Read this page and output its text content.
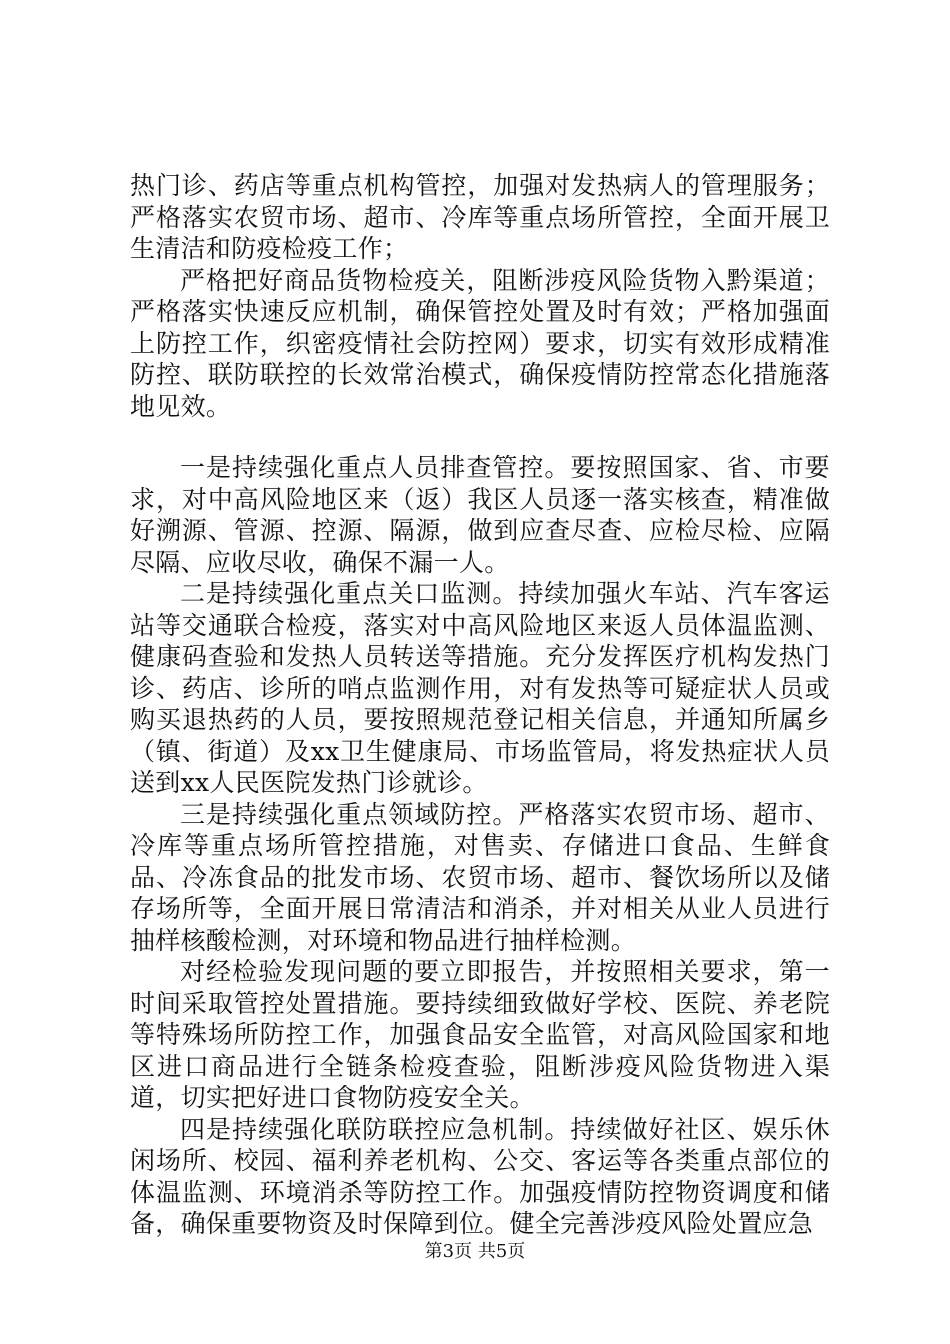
热门诊、药店等重点机构管控，加强对发热病人的管理服务；严格落实农贸市场、超市、冷库等重点场所管控，全面开展卫生清洁和防疫检疫工作；

严格把好商品货物检疫关，阻断涉疫风险货物入黔渠道；严格落实快速反应机制，确保管控处置及时有效；严格加强面上防控工作，织密疫情社会防控网）要求，切实有效形成精准防控、联防联控的长效常治模式，确保疫情防控常态化措施落地见效。

一是持续强化重点人员排查管控。要按照国家、省、市要求，对中高风险地区来（返）我区人员逐一落实核查，精准做好溯源、管源、控源、隔源，做到应查尽查、应检尽检、应隔尽隔、应收尽收，确保不漏一人。

二是持续强化重点关口监测。持续加强火车站、汽车客运站等交通联合检疫，落实对中高风险地区来返人员体温监测、健康码查验和发热人员转送等措施。充分发挥医疗机构发热门诊、药店、诊所的哨点监测作用，对有发热等可疑症状人员或购买退热药的人员，要按照规范登记相关信息，并通知所属乡（镇、街道）及xx卫生健康局、市场监管局，将发热症状人员送到xx人民医院发热门诊就诊。

三是持续强化重点领域防控。严格落实农贸市场、超市、冷库等重点场所管控措施，对售卖、存储进口食品、生鲜食品、冷冻食品的批发市场、农贸市场、超市、餐饮场所以及储存场所等，全面开展日常清洁和消杀，并对相关从业人员进行抽样核酸检测，对环境和物品进行抽样检测。

对经检验发现问题的要立即报告，并按照相关要求，第一时间采取管控处置措施。要持续细致做好学校、医院、养老院等特殊场所防控工作，加强食品安全监管，对高风险国家和地区进口商品进行全链条检疫查验，阻断涉疫风险货物进入渠道，切实把好进口食物防疫安全关。

四是持续强化联防联控应急机制。持续做好社区、娱乐休闲场所、校园、福利养老机构、公交、客运等各类重点部位的体温监测、环境消杀等防控工作。加强疫情防控物资调度和储备，确保重要物资及时保障到位。健全完善涉疫风险处置应急

第3页 共5页
